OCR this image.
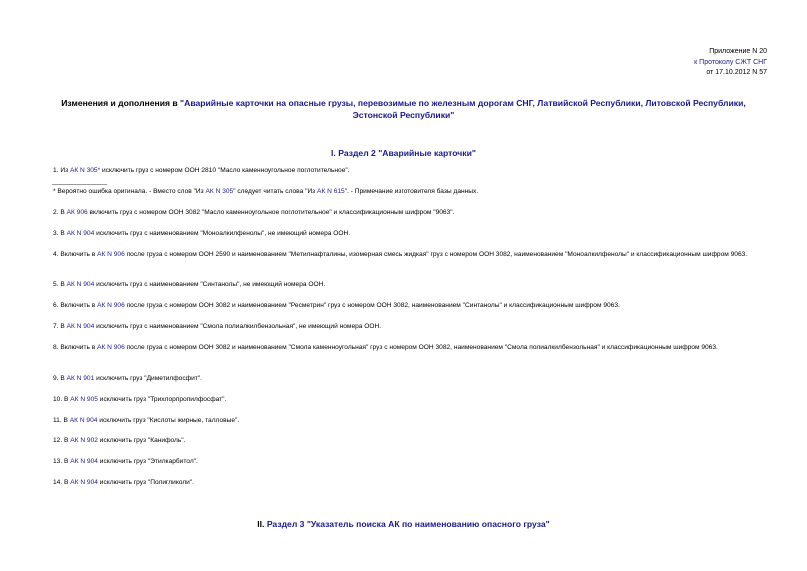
Приложение N 20
к Протоколу СЖТ СНГ
от 17.10.2012 N 57
Изменения и дополнения в "Аварийные карточки на опасные грузы, перевозимые по железным дорогам СНГ, Латвийской Республики, Литовской Республики, Эстонской Республики"
I. Раздел 2 "Аварийные карточки"
1. Из АК N 305* исключить груз с номером ООН 2810 "Масло каменноугольное поглотительное".
* Вероятно ошибка оригинала. - Вместо слов "Из АК N 305" следует читать слова "Из АК N 615". - Примечание изготовителя базы данных.
2. В АК 906 включить груз с номером ООН 3082 "Масло каменноугольное поглотительное" и классификационным шифром "9063".
3. В АК N 904 исключить груз с наименованием "Моноалкилфенолы", не имеющий номера ООН.
4. Включить в АК N 906 после груза с номером ООН 2590 и наименованием "Метилнафталины, изомерная смесь жидкая" груз с номером ООН 3082, наименованием "Моноалкилфенолы" и классификационным шифром 9063.
5. В АК N 904 исключить груз с наименованием "Синтанолы", не имеющий номера ООН.
6. Включить в АК N 906 после груза с номером ООН 3082 и наименованием "Ресметрин" груз с номером ООН 3082, наименованием "Синтанолы" и классификационным шифром 9063.
7. В АК N 904 исключить груз с наименованием "Смола полиалкилбензольная", не имеющий номера ООН.
8. Включить в АК N 906 после груза с номером ООН 3082 и наименованием "Смола каменноугольная" груз с номером ООН 3082, наименованием "Смола полиалкилбензольная" и классификационным шифром 9063.
9. В АК N 901 исключить груз "Диметилфосфит".
10. В АК N 905 исключить груз "Трихлорпропилфосфат".
11. В АК N 904 исключить груз "Кислоты жирные, талловые".
12. В АК N 902 исключить груз "Канифоль".
13. В АК N 904 исключить груз "Этилкарбитол".
14. В АК N 904 исключить груз "Полигликоли".
II. Раздел 3 "Указатель поиска АК по наименованию опасного груза"
